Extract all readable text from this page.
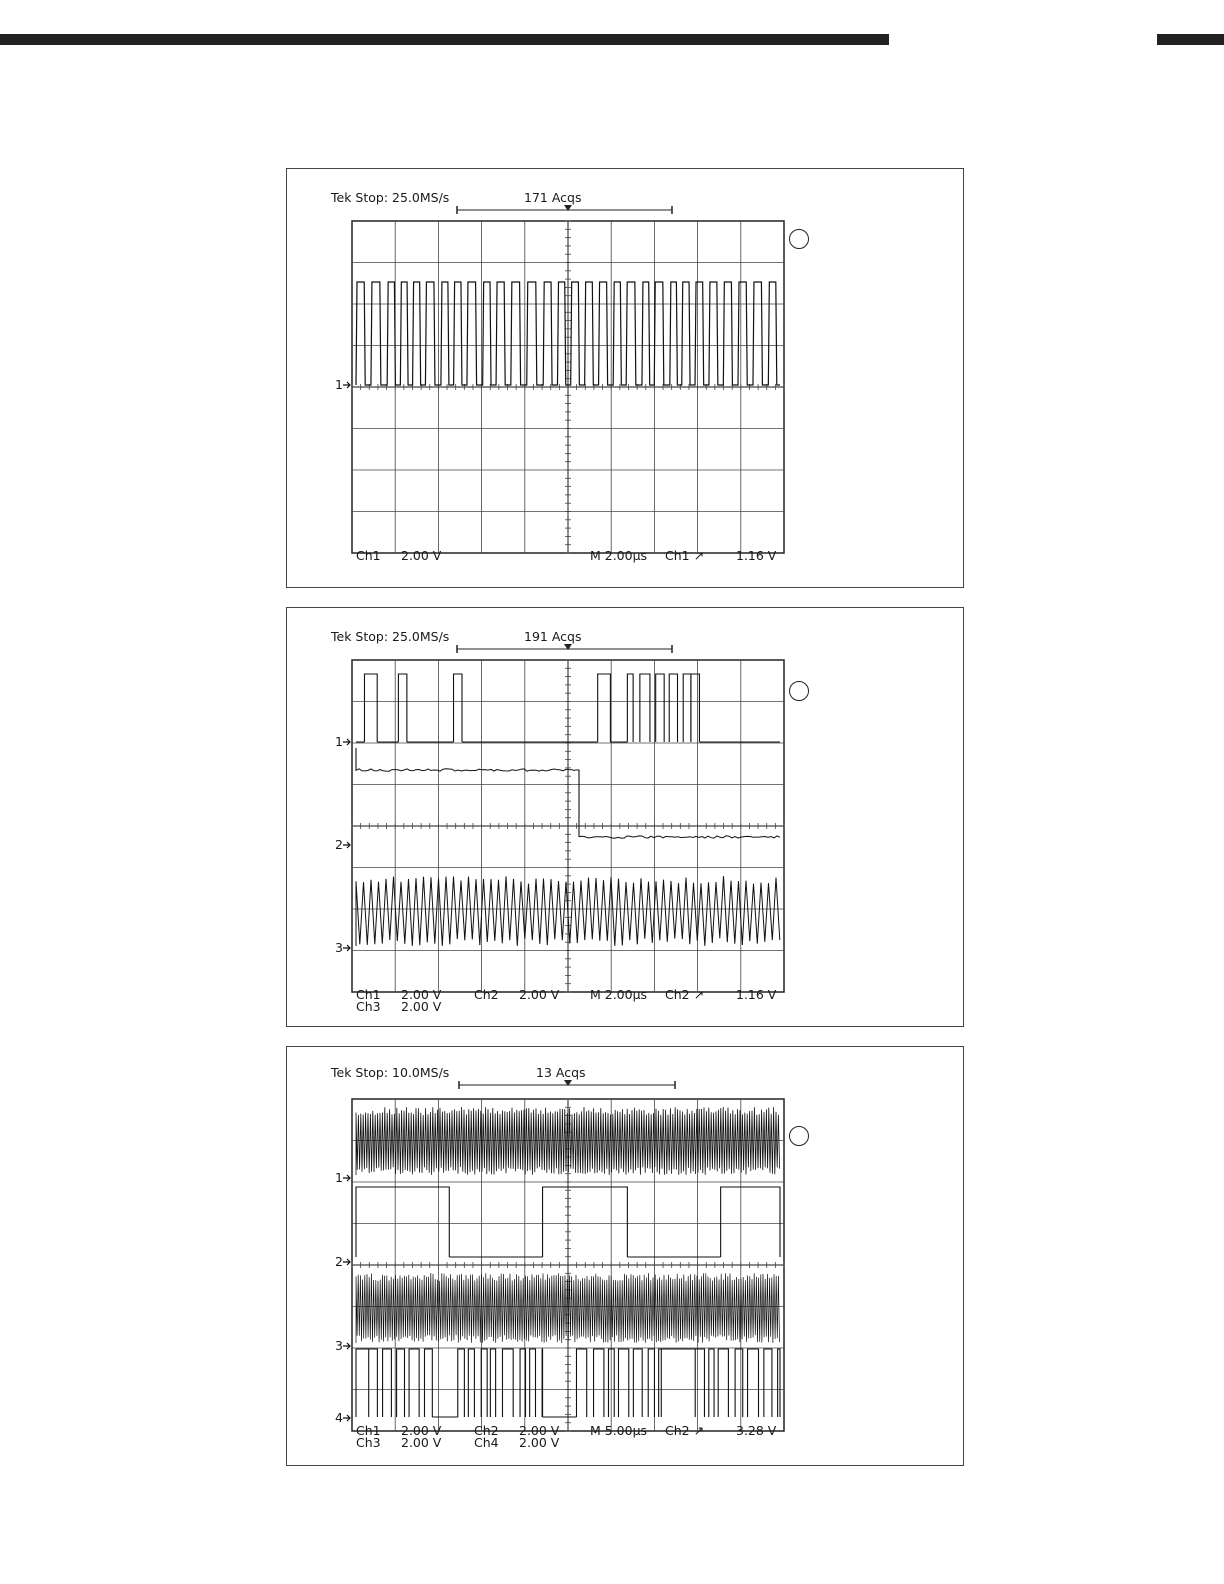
Tek Stop: 25.0MS/s	171 Acqs
1
Ch1 2.00 V	M 2.00µs Ch1 ↗	1.16 V
Tek Stop: 25.0MS/s	191 Acqs
1
2
3
Ch1 2.00 V	Ch2 2.00 V M 2.00µs Ch2 ↗	1.16 V
Ch3 2.00 V
Tek Stop: 10.0MS/s	13 Acqs
1
2
3
4
Ch1 2.00 V	Ch2 2.00 V M 5.00µs Ch2 ↗	3.28 V
Ch3 2.00 V	Ch4 2.00 V
